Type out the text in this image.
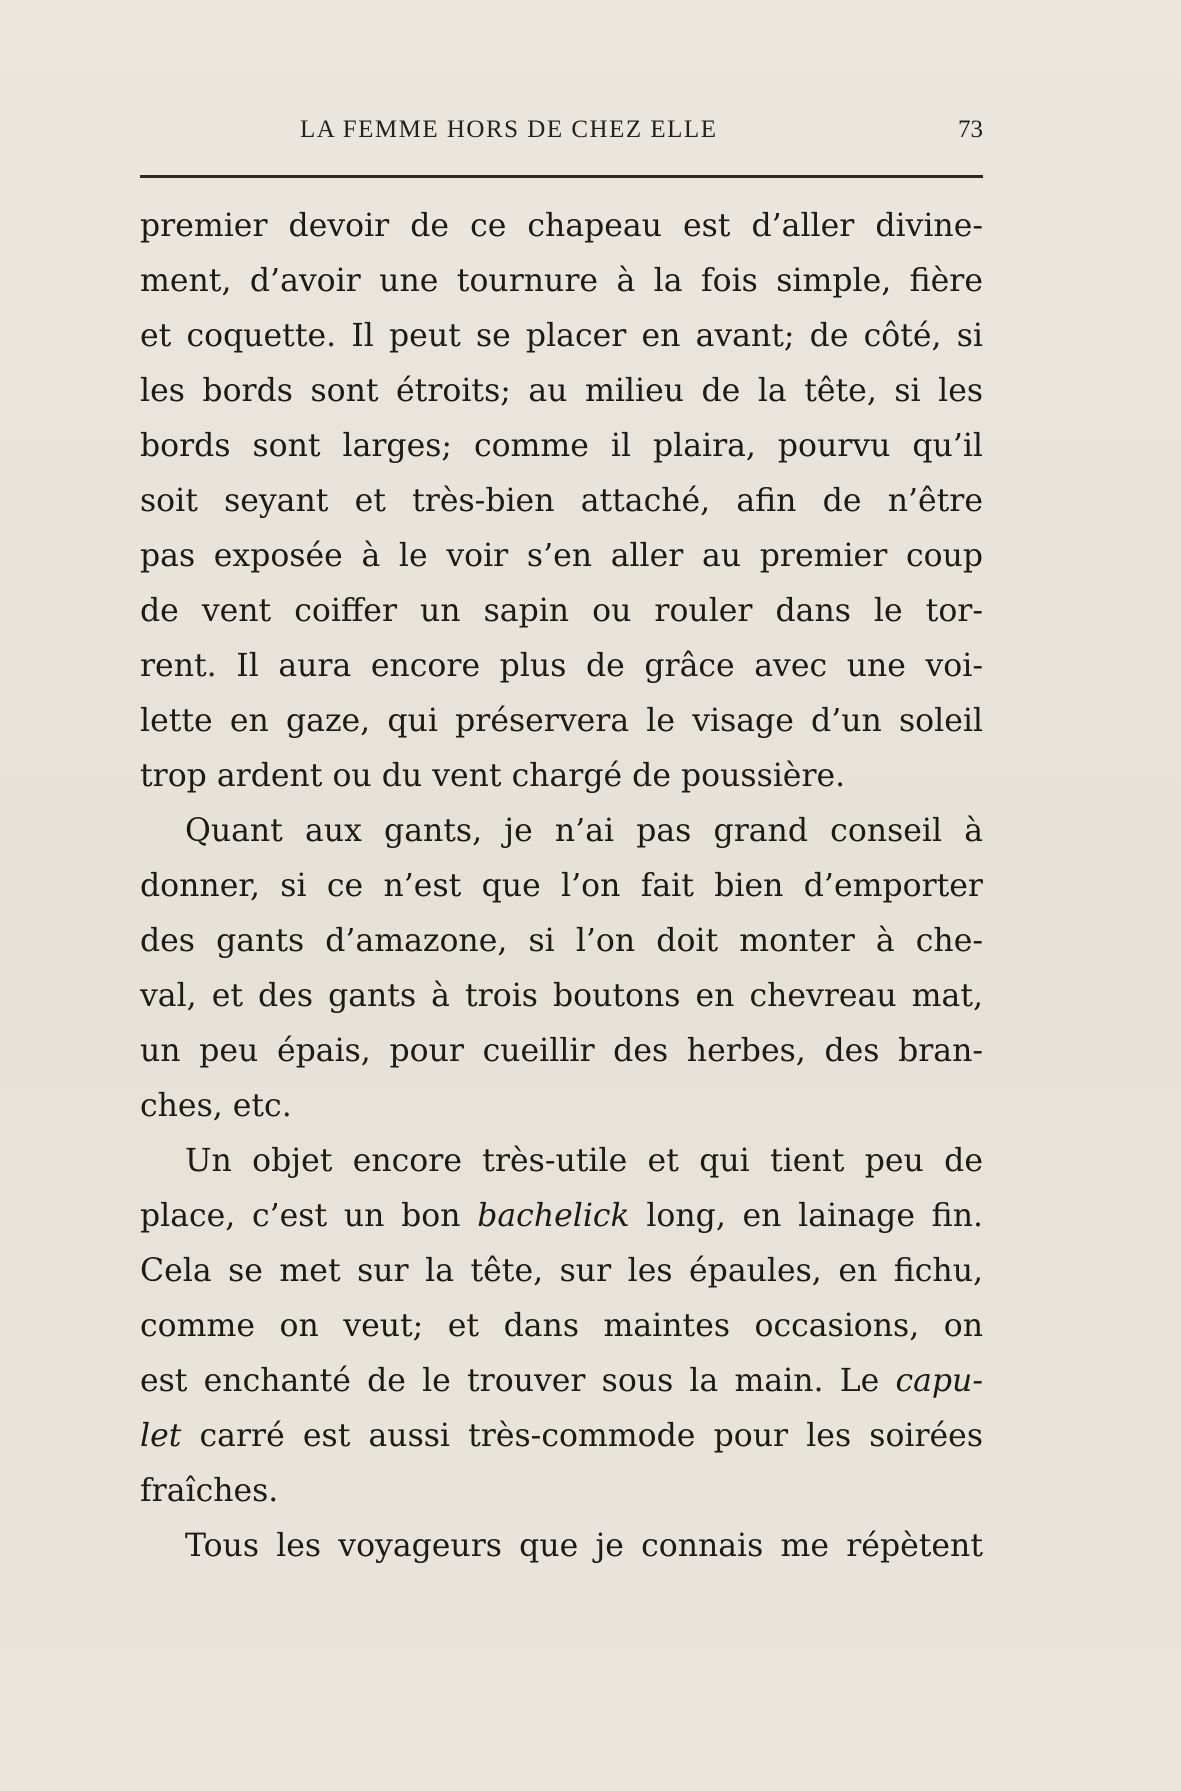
LA FEMME HORS DE CHEZ ELLE	73
premier devoir de ce chapeau est d’aller divine-
ment, d’avoir une tournure à la fois simple, fière
et coquette. Il peut se placer en avant; de côté, si
les bords sont étroits; au milieu de la tête, si les
bords sont larges; comme il plaira, pourvu qu’il
soit seyant et très-bien attaché, afin de n’être
pas exposée à le voir s’en aller au premier coup
de vent coiffer un sapin ou rouler dans le tor-
rent. Il aura encore plus de grâce avec une voi-
lette en gaze, qui préservera le visage d’un soleil
trop ardent ou du vent chargé de poussière.
Quant aux gants, je n’ai pas grand conseil à
donner, si ce n’est que l’on fait bien d’emporter
des gants d’amazone, si l’on doit monter à che-
val, et des gants à trois boutons en chevreau mat,
un peu épais, pour cueillir des herbes, des bran-
ches, etc.
Un objet encore très-utile et qui tient peu de
place, c’est un bon bachelick long, en lainage fin.
Cela se met sur la tête, sur les épaules, en fichu,
comme on veut; et dans maintes occasions, on
est enchanté de le trouver sous la main. Le capu-
let carré est aussi très-commode pour les soirées
fraîches.
Tous les voyageurs que je connais me répètent
